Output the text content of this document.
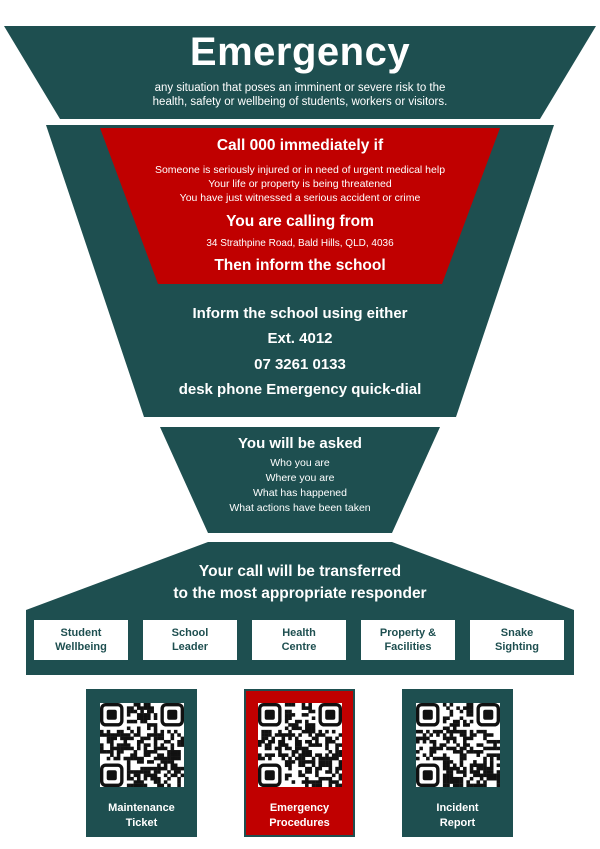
Emergency
any situation that poses an imminent or severe risk to the
health, safety or wellbeing of students, workers or visitors.
Call 000 immediately if
Someone is seriously injured or in need of urgent medical help
Your life or property is being threatened
You have just witnessed a serious accident or crime
You are calling from
34 Strathpine Road, Bald Hills, QLD, 4036
Then inform the school
Inform the school using either
Ext. 4012
07 3261 0133
desk phone Emergency quick-dial
You will be asked
Who you are
Where you are
What has happened
What actions have been taken
Your call will be transferred
to the most appropriate responder
Student
Wellbeing
School
Leader
Health
Centre
Property &
Facilities
Snake
Sighting
Maintenance
Ticket
Emergency
Procedures
Incident
Report
